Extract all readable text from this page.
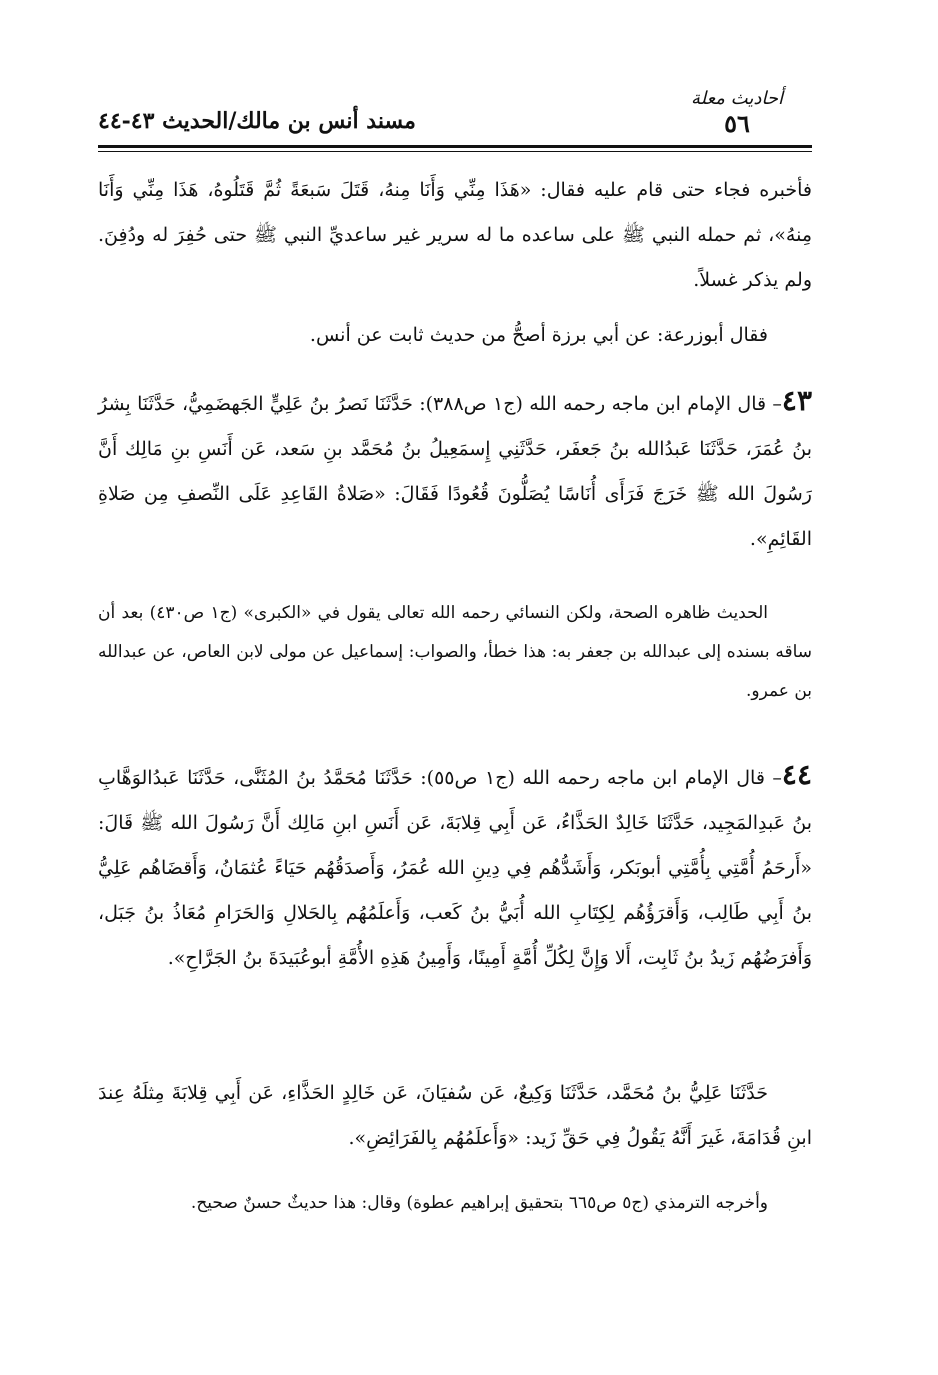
مسند أنس بن مالك/الحديث ٤٣-٤٤
أحاديث معلة
٥٦

فأخبره فجاء حتى قام عليه فقال: «هَذَا مِنِّي وَأَنَا مِنهُ، قَتَلَ سَبعَةً ثُمَّ قَتَلُوهُ، هَذَا مِنِّي وَأَنَا مِنهُ»، ثم حمله النبي ﷺ على ساعده ما له سرير غير ساعديِّ النبي ﷺ حتى حُفِرَ له ودُفِنَ. ولم يذكر غسلاً.

فقال أبوزرعة: عن أبي برزة أصحُّ من حديث ثابت عن أنس.

٤٣– قال الإمام ابن ماجه رحمه الله (ج١ ص٣٨٨): حَدَّثَنَا نَصرُ بنُ عَلِيٍّ الجَهضَمِيُّ، حَدَّثَنَا بِشرُ بنُ عُمَرَ، حَدَّثَنَا عَبدُالله بنُ جَعفَر، حَدَّثَنِي إِسمَعِيلُ بنُ مُحَمَّد بنِ سَعد، عَن أَنَسِ بنِ مَالِك أَنَّ رَسُولَ الله ﷺ خَرَجَ فَرَأَى أُنَاسًا يُصَلُّونَ قُعُودًا فَقَالَ: «صَلاةُ القَاعِدِ عَلَى النِّصفِ مِن صَلاةِ القَائِمِ».

الحديث ظاهره الصحة، ولكن النسائي رحمه الله تعالى يقول في «الكبرى» (ج١ ص٤٣٠) بعد أن ساقه بسنده إلى عبدالله بن جعفر به: هذا خطأ، والصواب: إسماعيل عن مولى لابن العاص، عن عبدالله بن عمرو.

٤٤– قال الإمام ابن ماجه رحمه الله (ج١ ص٥٥): حَدَّثَنَا مُحَمَّدُ بنُ المُثَنَّى، حَدَّثَنَا عَبدُالوَهَّابِ بنُ عَبدِالمَجِيد، حَدَّثَنَا خَالِدٌ الحَذَّاءُ، عَن أَبِي قِلابَةَ، عَن أَنَسِ ابنِ مَالِك أَنَّ رَسُولَ الله ﷺ قَالَ: «أَرحَمُ أُمَّتِي بِأُمَّتِي أبوبَكر، وَأَشَدُّهُم فِي دِينِ الله عُمَرُ، وَأَصدَقُهُم حَيَاءً عُثمَانُ، وَأَقضَاهُم عَلِيُّ بنُ أَبِي طَالِب، وَأَقرَؤُهُم لِكِتَابِ الله أُبَيُّ بنُ كَعب، وَأَعلَمُهُم بِالحَلالِ وَالحَرَامِ مُعَاذُ بنُ جَبَل، وَأَفرَضُهُم زَيدُ بنُ ثَابِت، أَلا وَإِنَّ لِكُلِّ أُمَّةٍ أَمِينًا، وَأَمِينُ هَذِهِ الأُمَّةِ أبوعُبَيدَةَ بنُ الجَرَّاحِ».

حَدَّثَنَا عَلِيُّ بنُ مُحَمَّد، حَدَّثَنَا وَكِيعٌ، عَن سُفيَانَ، عَن خَالِدٍ الحَذَّاءِ، عَن أَبِي قِلابَةَ مِثلَهُ عِندَ ابنِ قُدَامَةَ، غَيرَ أَنَّهُ يَقُولُ فِي حَقِّ زَيد: «وَأَعلَمُهُم بِالفَرَائِضِ».

وأخرجه الترمذي (ج٥ ص٦٦٥ بتحقيق إبراهيم عطوة) وقال: هذا حديثٌ حسنٌ صحيح.
